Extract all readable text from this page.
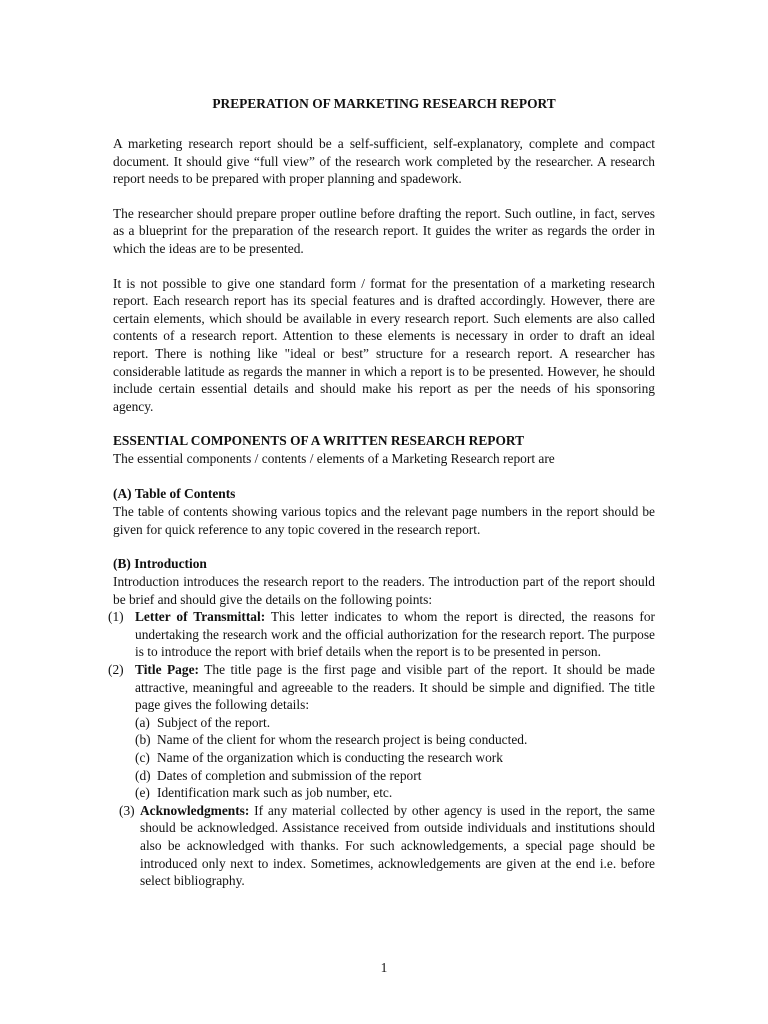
PREPERATION OF MARKETING RESEARCH REPORT

A marketing research report should be a self-sufficient, self-explanatory, complete and compact document. It should give “full view” of the research work completed by the researcher. A research report needs to be prepared with proper planning and spadework.

The researcher should prepare proper outline before drafting the report. Such outline, in fact, serves as a blueprint for the preparation of the research report. It guides the writer as regards the order in which the ideas are to be presented.

It is not possible to give one standard form / format for the presentation of a marketing research report. Each research report has its special features and is drafted accordingly. However, there are certain elements, which should be available in every research report. Such elements are also called contents of a research report. Attention to these elements is necessary in order to draft an ideal report. There is nothing like "ideal or best” structure for a research report. A researcher has considerable latitude as regards the manner in which a report is to be presented. However, he should include certain essential details and should make his report as per the needs of his sponsoring agency.

ESSENTIAL COMPONENTS OF A WRITTEN RESEARCH REPORT

The essential components / contents / elements of a Marketing Research report are

(A) Table of Contents

The table of contents showing various topics and the relevant page numbers in the report should be given for quick reference to any topic covered in the research report.

(B) Introduction

Introduction introduces the research report to the readers. The introduction part of the report should be brief and should give the details on the following points:

(1) Letter of Transmittal: This letter indicates to whom the report is directed, the reasons for undertaking the research work and the official authorization for the research report. The purpose is to introduce the report with brief details when the report is to be presented in person.
(2) Title Page: The title page is the first page and visible part of the report. It should be made attractive, meaningful and agreeable to the readers. It should be simple and dignified. The title page gives the following details:
(a) Subject of the report.
(b) Name of the client for whom the research project is being conducted.
(c) Name of the organization which is conducting the research work
(d) Dates of completion and submission of the report
(e) Identification mark such as job number, etc.
(3) Acknowledgments: If any material collected by other agency is used in the report, the same should be acknowledged. Assistance received from outside individuals and institutions should also be acknowledged with thanks. For such acknowledgements, a special page should be introduced only next to index. Sometimes, acknowledgements are given at the end i.e. before select bibliography.
1
